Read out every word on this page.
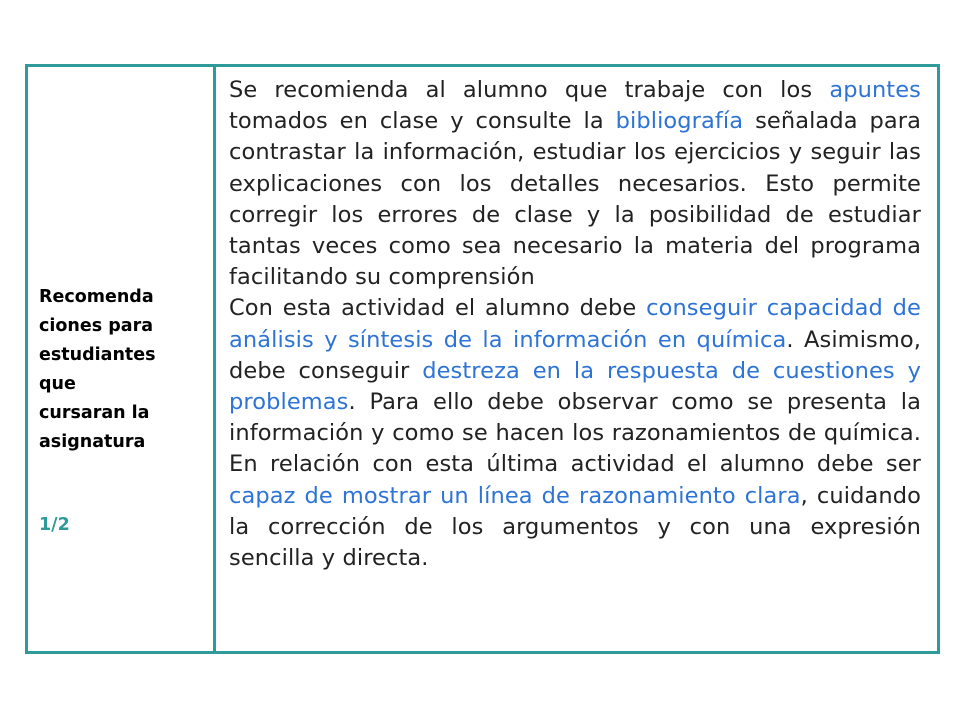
Recomenda
ciones para
estudiantes
que
cursaran la
asignatura

1/2

Se recomienda al alumno que trabaje con los apuntes tomados en clase y consulte la bibliografía señalada para contrastar la información, estudiar los ejercicios y seguir las explicaciones con los detalles necesarios. Esto permite corregir los errores de clase y la posibilidad de estudiar tantas veces como sea necesario la materia del programa facilitando su comprensión

Con esta actividad el alumno debe conseguir capacidad de análisis y síntesis de la información en química. Asimismo, debe conseguir destreza en la respuesta de cuestiones y problemas. Para ello debe observar como se presenta la información y como se hacen los razonamientos de química. En relación con esta última actividad el alumno debe ser capaz de mostrar un línea de razonamiento clara, cuidando la corrección de los argumentos y con una expresión sencilla y directa.
